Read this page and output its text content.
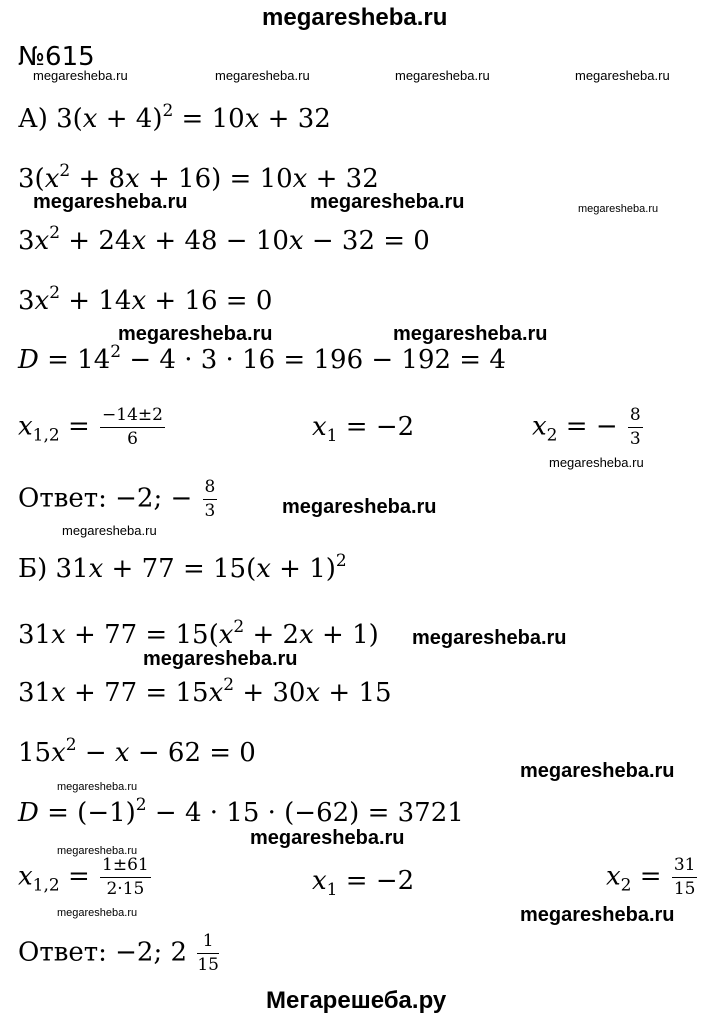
megaresheba.ru
№615
megaresheba.ru	megaresheba.ru	megaresheba.ru	megaresheba.ru
А) $3(x + 4)^2 = 10x + 32$
$3(x^2 + 8x + 16) = 10x + 32$
megaresheba.ru	megaresheba.ru	megaresheba.ru
$3x^2 + 24x + 48 - 10x - 32 = 0$
$3x^2 + 14x + 16 = 0$
megaresheba.ru	megaresheba.ru
$D = 14^2 - 4 \cdot 3 \cdot 16 = 196 - 192 = 4$
$x_{1,2} = \frac{-14\pm 2}{6}$	$x_1 = -2$	$x_2$ = − $\frac{8}{3}$
megaresheba.ru
Ответ: −2; − $\frac{8}{3}$	megaresheba.ru
megaresheba.ru
Б) $31x + 77 = 15(x + 1)^2$
$31x + 77 = 15(x^2 + 2x + 1)$ megaresheba.ru
megaresheba.ru
$31x + 77 = 15x^2 + 30x + 15$
$15x^2 - x - 62 = 0$
megaresheba.ru
megaresheba.ru
$D = (-1)^2 - 4 \cdot 15 \cdot (-62) = 3721$
megaresheba.ru
megaresheba.ru
$x_{1,2} = \frac{1\pm 61}{2\cdot 15}$	$x_1 = -2$	$x_2 = \frac{31}{15}$
megaresheba.ru	megaresheba.ru
Ответ: −2; $2 \frac{1}{15}$
Мегарешеба.ру
